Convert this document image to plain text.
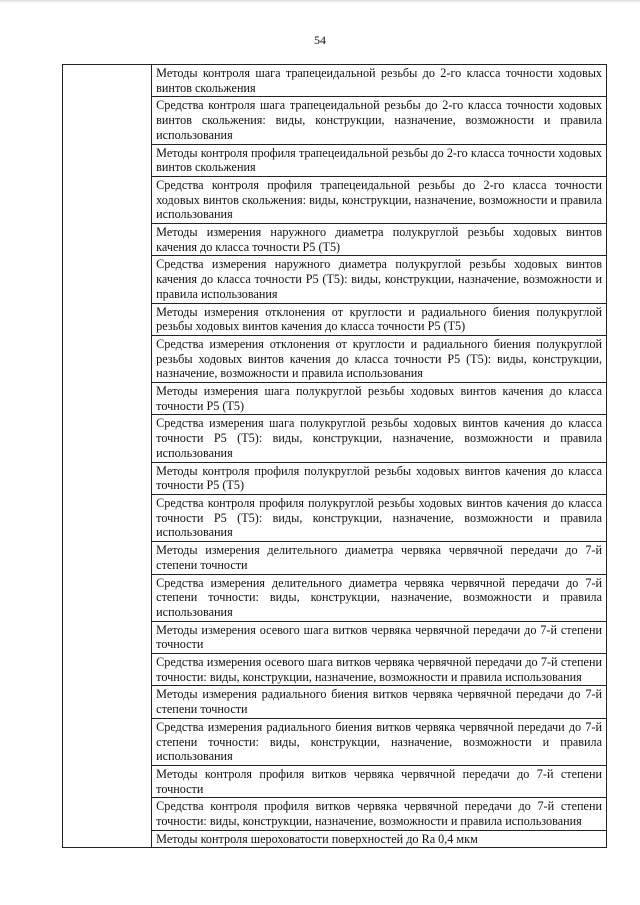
54
	Методы контроля шага трапецеидальной резьбы до 2-го класса точности ходовых винтов скольжения
Средства контроля шага трапецеидальной резьбы до 2-го класса точности ходовых винтов скольжения: виды, конструкции, назначение, возможности и правила использования
Методы контроля профиля трапецеидальной резьбы до 2-го класса точности ходовых винтов скольжения
Средства контроля профиля трапецеидальной резьбы до 2-го класса точности ходовых винтов скольжения: виды, конструкции, назначение, возможности и правила использования
Методы измерения наружного диаметра полукруглой резьбы ходовых винтов качения до класса точности Р5 (Т5)
Средства измерения наружного диаметра полукруглой резьбы ходовых винтов качения до класса точности Р5 (Т5): виды, конструкции, назначение, возможности и правила использования
Методы измерения отклонения от круглости и радиального биения полукруглой резьбы ходовых винтов качения до класса точности Р5 (Т5)
Средства измерения отклонения от круглости и радиального биения полукруглой резьбы ходовых винтов качения до класса точности Р5 (Т5): виды, конструкции, назначение, возможности и правила использования
Методы измерения шага полукруглой резьбы ходовых винтов качения до класса точности Р5 (Т5)
Средства измерения шага полукруглой резьбы ходовых винтов качения до класса точности Р5 (Т5): виды, конструкции, назначение, возможности и правила использования
Методы контроля профиля полукруглой резьбы ходовых винтов качения до класса точности Р5 (Т5)
Средства контроля профиля полукруглой резьбы ходовых винтов качения до класса точности Р5 (Т5): виды, конструкции, назначение, возможности и правила использования
Методы измерения делительного диаметра червяка червячной передачи до 7-й степени точности
Средства измерения делительного диаметра червяка червячной передачи до 7-й степени точности: виды, конструкции, назначение, возможности и правила использования
Методы измерения осевого шага витков червяка червячной передачи до 7-й степени точности
Средства измерения осевого шага витков червяка червячной передачи до 7-й степени точности: виды, конструкции, назначение, возможности и правила использования
Методы измерения радиального биения витков червяка червячной передачи до 7-й степени точности
Средства измерения радиального биения витков червяка червячной передачи до 7-й степени точности: виды, конструкции, назначение, возможности и правила использования
Методы контроля профиля витков червяка червячной передачи до 7-й степени точности
Средства контроля профиля витков червяка червячной передачи до 7-й степени точности: виды, конструкции, назначение, возможности и правила использования
Методы контроля шероховатости поверхностей до Ra 0,4 мкм
